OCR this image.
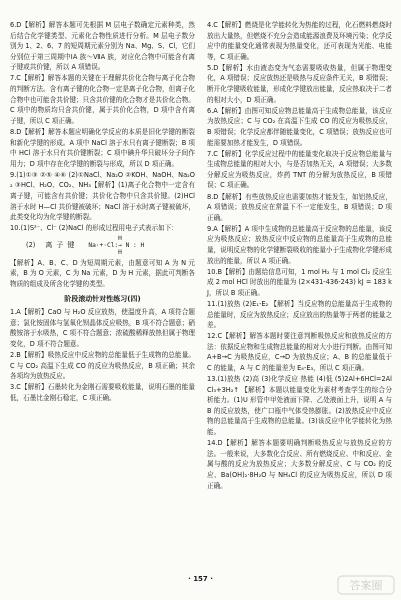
6.D【解析】解答本题可先根据 M 层电子数确定元素种类，然后结合化学键类型、元素化合物性质进行分析。M 层电子数分别为 1、2、6、7 的短周期元素分别为 Na、Mg、S、Cl，它们分别位于第三周期中ⅠA 族～ⅦA 族，对应化合物中可能含有离子键或共价键，所以 A 项错误。

7.C【解析】解答本题的关键在于理解共价化合物与离子化合物的判断方法。含有离子键的化合物一定是离子化合物，但离子化合物中也可能含共价键；只含共价键的化合物才是共价化合物。C 项中的物质均只含共价键，属于共价化合物，D 项中含有离子键，所以 C 项正确。

8.D【解析】解答本题应明确化学反应的本质是旧化学键的断裂和新化学键的形成。A 项中 NaCl 溶于水只有离子键断裂；B 项中 HCl 溶于水只有共价键断裂；C 项中碘升华只破坏分子间作用力；D 项中存在化学键的断裂与形成，所以 D 项正确。

9.(1)①③ ②⑤ ④⑥ (2)①NaCl、Na₂O ②KOH、NaOH、Na₂O₂ ③HCl、H₂O、CO₂、NH₃【解析】(1)离子化合物中一定含有离子键，可能含有共价键；共价化合物中只含共价键。(2)HCl 溶于水时 H—Cl 共价键被破坏；NaCl 溶于水时离子键被破坏，此类变化均为化学键的断裂。

10.(1)S²⁻、Cl⁻ (2)NaCl 的形成过程用电子式表示如下：

(2) 离子键
H
Na·+·Cl:→ N : H
H

【解析】A、B、C、D 为短周期元素，由题意可知 A 为 N 元素，B 为 O 元素，C 为 Na 元素，D 为 H 元素，据此可判断各物质的组成及所含化学键的类型。

阶段滚动针对性练习(四)

1.A【解析】CaO 与 H₂O 反应放热，使温度升高，A 项符合题意；氯化铵固体与氢氧化钡晶体反应吸热，B 项不符合题意；硝酸铵溶于水吸热，C 项不符合题意；浓硫酸稀释放热但属于物理变化，D 项不符合题意。

2.B【解析】吸热反应中反应物的总能量低于生成物的总能量。C 与 CO₂ 高温下生成 CO 的反应为吸热反应，B 项正确；其余各项均为放热反应。

3.C【解析】石墨转化为金刚石需要吸收能量，说明石墨的能量低，石墨比金刚石稳定，C 项正确。

4.C【解析】燃烧是化学能转化为热能的过程，化石燃料燃烧时放出大量热，但燃烧不充分会造成能源浪费及环境污染；化学反应中的能量变化通常表现为热量变化，还可表现为光能、电能等，C 项正确。

5.D【解析】水由液态变为气态需要吸收热量，但属于物理变化，A 项错误；反应放热还是吸热与反应条件无关，B 项错误；断开化学键吸收能量，形成化学键放出能量，反应热取决于二者的相对大小，D 项正确。

6.A【解析】由图可知反应物总能量高于生成物总能量，该反应为放热反应；C 与 CO₂ 在高温下生成 CO 的反应为吸热反应，B 项错误；化学反应都伴随能量变化，C 项错误；放热反应也可能需要加热才能发生，D 项错误。

7.C【解析】化学反应过程中的能量变化取决于反应物总能量与生成物总能量的相对大小，与是否加热无关，A 项错误；大多数分解反应为吸热反应，炸药 TNT 的分解为放热反应，B 项错误；C 项正确。

8.D【解析】有些放热反应也需要加热才能发生，如铝热反应，A 项错误；放热反应在常温下不一定能发生，B 项错误；D 项正确。

9.A【解析】A 项中生成物的总能量高于反应物的总能量，该反应为吸热反应；放热反应中反应物的总能量高于生成物的总能量，说明反应物的化学键断裂吸收的能量小于生成物化学键形成放出的能量，所以 A 项正确。

10.B【解析】由题给信息可知，1 mol H₂ 与 1 mol Cl₂ 反应生成 2 mol HCl 时放出的能量为 (2×431-436-243) kJ = 183 kJ，所以 B 项正确。

11.(1)放热 (2)E₁-E₂ 【解析】当反应物的总能量高于生成物的总能量时，反应为放热反应；反应放出的热量等于两者的能量之差。

12.C【解析】解答本题时要注意判断吸热反应和放热反应的方法：依据反应物和生成物总能量的相对大小进行判断。由图可知 A+B→C 为吸热反应，C→D 为放热反应；A、B 的总能量低于 C 的能量，A 与 C 的能量差为 E₄-E₃，所以 C 项正确。

13.(1)放热 (2)高 (3)化学反应 热能 (4)低 (5)2Al+6HCl=2AlCl₃+3H₂↑ 【解析】本题以能量变化为素材考查学生的综合分析能力。(1)U 形管中甲处液面下降、乙处液面上升，说明 A 与 B 的反应放热，使广口瓶中气体受热膨胀。(2)放热反应中反应物的总能量高于生成物的总能量。(3)该反应中化学能转化为热能。

14.D【解析】解答本题要明确判断吸热反应与放热反应的方法。一般来说，大多数化合反应、所有燃烧反应、中和反应、金属与酸的反应为放热反应；大多数分解反应、C 与 CO₂ 的反应、Ba(OH)₂·8H₂O 与 NH₄Cl 的反应为吸热反应，所以 D 项正确。

· 157 ·	答案圈
